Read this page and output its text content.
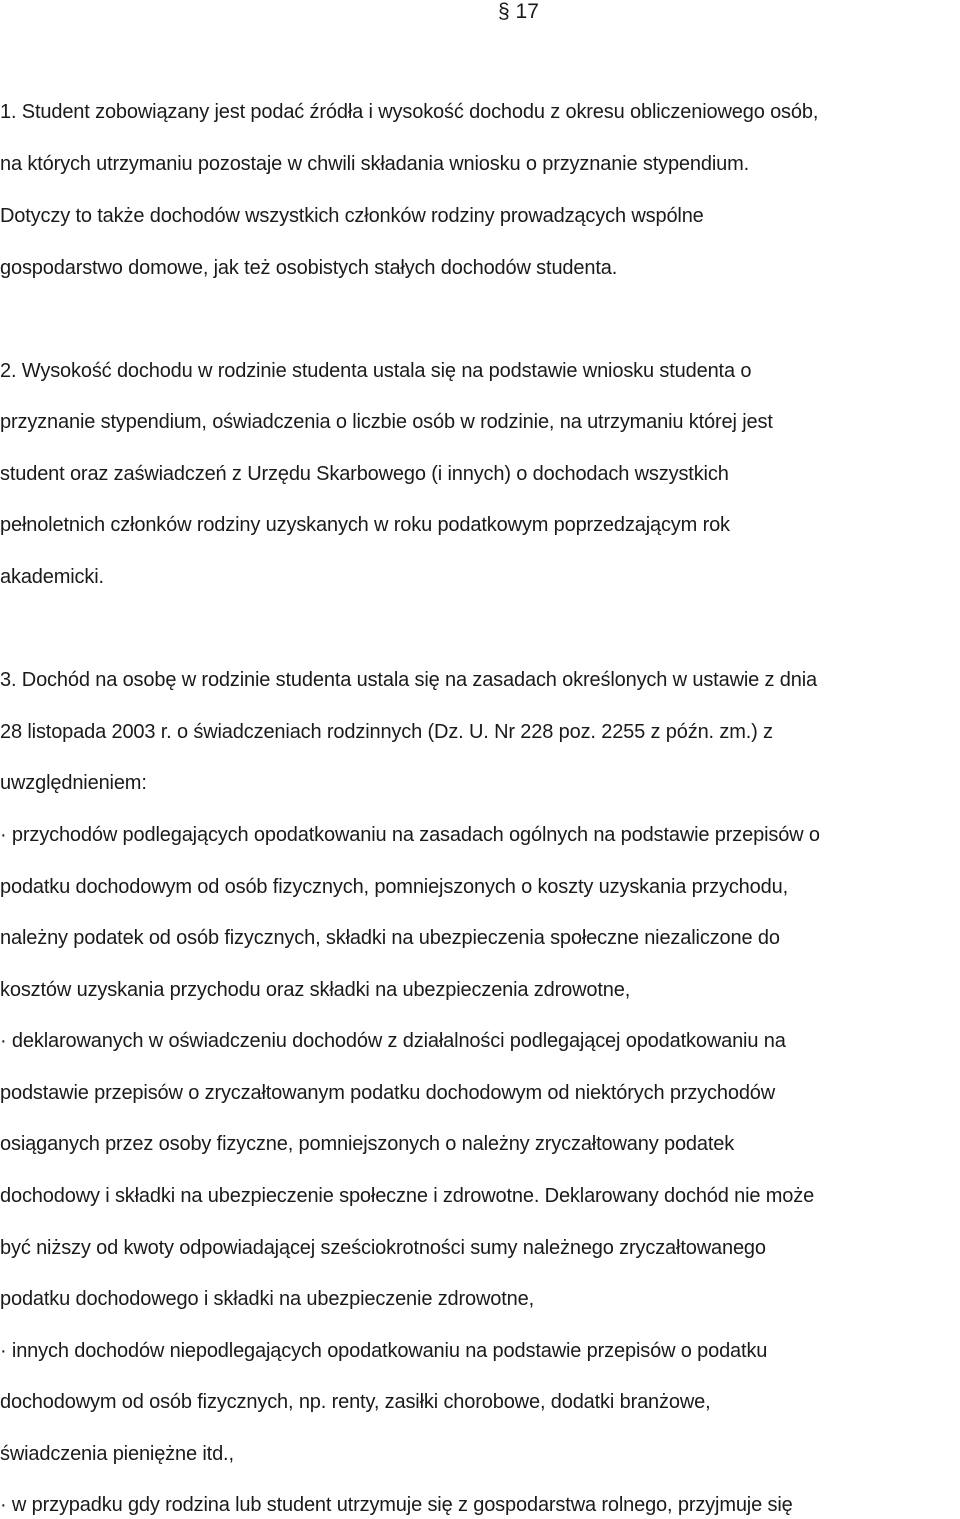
§ 17
1. Student zobowiązany jest podać źródła i wysokość dochodu z okresu obliczeniowego osób,
na których utrzymaniu pozostaje w chwili składania wniosku o przyznanie stypendium.
Dotyczy to także dochodów wszystkich członków rodziny prowadzących wspólne
gospodarstwo domowe, jak też osobistych stałych dochodów studenta.
2. Wysokość dochodu w rodzinie studenta ustala się na podstawie wniosku studenta o
przyznanie stypendium, oświadczenia o liczbie osób w rodzinie, na utrzymaniu której jest
student oraz zaświadczeń z Urzędu Skarbowego (i innych) o dochodach wszystkich
pełnoletnich członków rodziny uzyskanych w roku podatkowym poprzedzającym rok
akademicki.
3. Dochód na osobę w rodzinie studenta ustala się na zasadach określonych w ustawie z dnia
28 listopada 2003 r. o świadczeniach rodzinnych (Dz. U. Nr 228 poz. 2255 z późn. zm.) z
uwzględnieniem:
· przychodów podlegających opodatkowaniu na zasadach ogólnych na podstawie przepisów o
podatku dochodowym od osób fizycznych, pomniejszonych o koszty uzyskania przychodu,
należny podatek od osób fizycznych, składki na ubezpieczenia społeczne niezaliczone do
kosztów uzyskania przychodu oraz składki na ubezpieczenia zdrowotne,
· deklarowanych w oświadczeniu dochodów z działalności podlegającej opodatkowaniu na
podstawie przepisów o zryczałtowanym podatku dochodowym od niektórych przychodów
osiąganych przez osoby fizyczne, pomniejszonych o należny zryczałtowany podatek
dochodowy i składki na ubezpieczenie społeczne i zdrowotne. Deklarowany dochód nie może
być niższy od kwoty odpowiadającej sześciokrotności sumy należnego zryczałtowanego
podatku dochodowego i składki na ubezpieczenie zdrowotne,
· innych dochodów niepodlegających opodatkowaniu na podstawie przepisów o podatku
dochodowym od osób fizycznych, np. renty, zasiłki chorobowe, dodatki branżowe,
świadczenia pieniężne itd.,
· w przypadku gdy rodzina lub student utrzymuje się z gospodarstwa rolnego, przyjmuje się
